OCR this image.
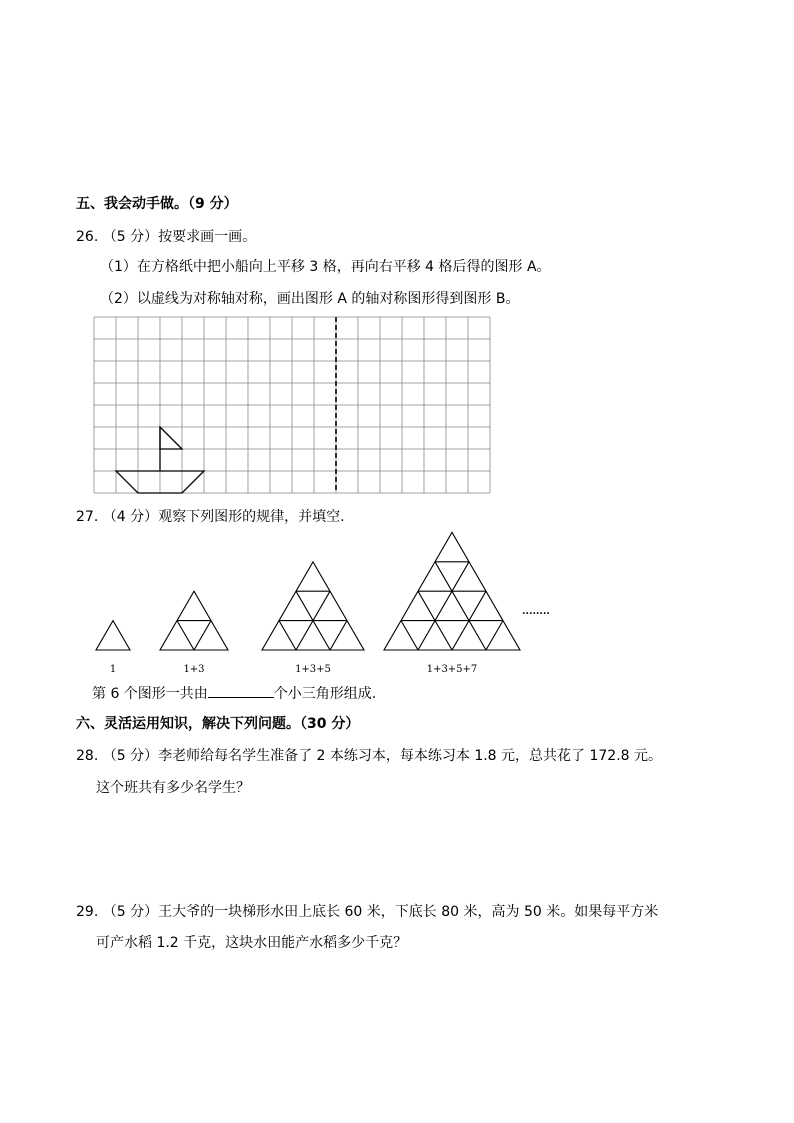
五、我会动手做。（9 分）
26. （5 分）按要求画一画。
（1）在方格纸中把小船向上平移 3 格，再向右平移 4 格后得的图形 A。
（2）以虚线为对称轴对称，画出图形 A 的轴对称图形得到图形 B。
27. （4 分）观察下列图形的规律，并填空.
1	1+3	1+3+5	1+3+5+7
........
第 6 个图形一共由	个小三角形组成.
六、灵活运用知识，解决下列问题。（30 分）
28. （5 分）李老师给每名学生准备了 2 本练习本，每本练习本 1.8 元，总共花了 172.8 元。
这个班共有多少名学生？
29. （5 分）王大爷的一块梯形水田上底长 60 米，下底长 80 米，高为 50 米。如果每平方米
可产水稻 1.2 千克，这块水田能产水稻多少千克？
